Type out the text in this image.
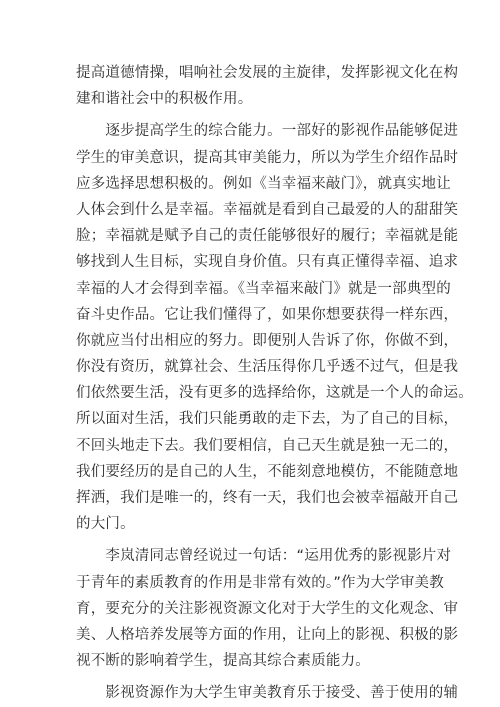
提高道德情操，唱响社会发展的主旋律，发挥影视文化在构
建和谐社会中的积极作用。
　　逐步提高学生的综合能力。一部好的影视作品能够促进
学生的审美意识，提高其审美能力，所以为学生介绍作品时
应多选择思想积极的。例如《当幸福来敲门》，就真实地让
人体会到什么是幸福。幸福就是看到自己最爱的人的甜甜笑
脸；幸福就是赋予自己的责任能够很好的履行；幸福就是能
够找到人生目标，实现自身价值。只有真正懂得幸福、追求
幸福的人才会得到幸福。《当幸福来敲门》就是一部典型的
奋斗史作品。它让我们懂得了，如果你想要获得一样东西，
你就应当付出相应的努力。即便别人告诉了你，你做不到，
你没有资历，就算社会、生活压得你几乎透不过气，但是我
们依然要生活，没有更多的选择给你，这就是一个人的命运。
所以面对生活，我们只能勇敢的走下去，为了自己的目标，
不回头地走下去。我们要相信，自己天生就是独一无二的，
我们要经历的是自己的人生，不能刻意地模仿，不能随意地
挥洒，我们是唯一的，终有一天，我们也会被幸福敲开自己
的大门。
　　李岚清同志曾经说过一句话：“运用优秀的影视影片对
于青年的素质教育的作用是非常有效的。”作为大学审美教
育，要充分的关注影视资源文化对于大学生的文化观念、审
美、人格培养发展等方面的作用，让向上的影视、积极的影
视不断的影响着学生，提高其综合素质能力。
　　影视资源作为大学生审美教育乐于接受、善于使用的辅
